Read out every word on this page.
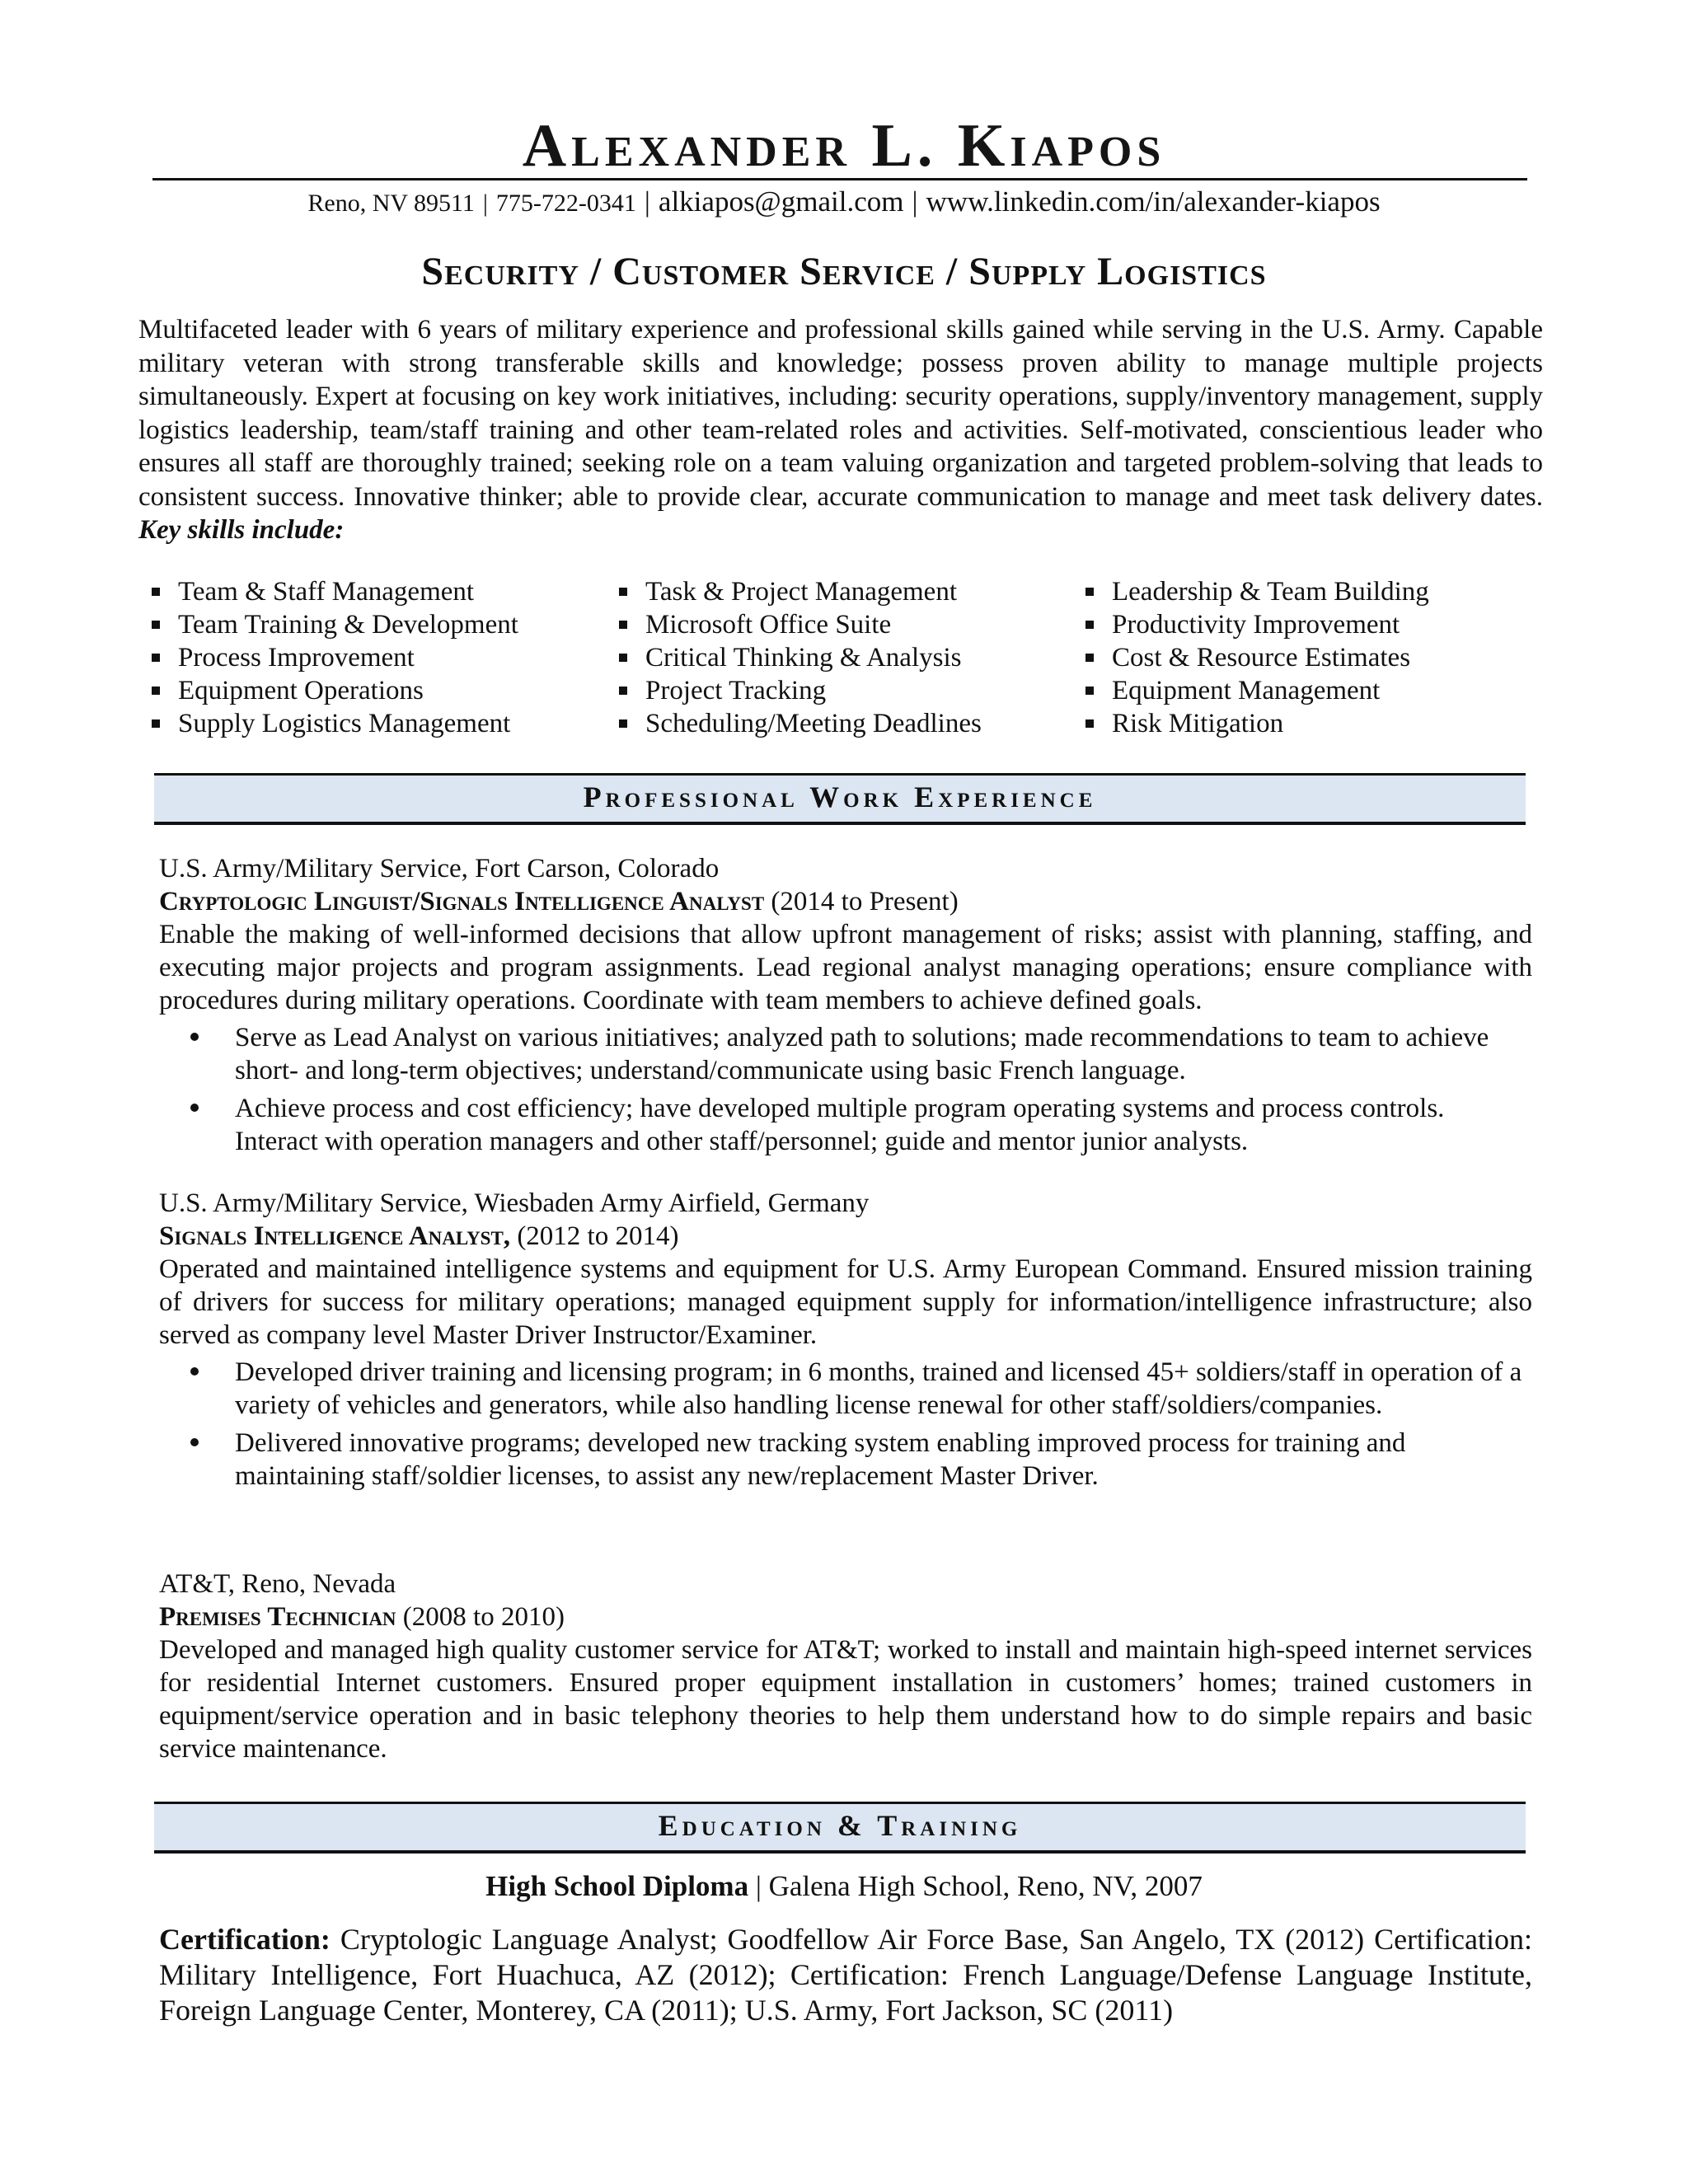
Alexander L. Kiapos
Reno, NV 89511 | 775-722-0341 | alkiapos@gmail.com | www.linkedin.com/in/alexander-kiapos
Security / Customer Service / Supply Logistics

Multifaceted leader with 6 years of military experience and professional skills gained while serving in the U.S. Army. Capable military veteran with strong transferable skills and knowledge; possess proven ability to manage multiple projects simultaneously. Expert at focusing on key work initiatives, including: security operations, supply/inventory management, supply logistics leadership, team/staff training and other team-related roles and activities. Self-motivated, conscientious leader who ensures all staff are thoroughly trained; seeking role on a team valuing organization and targeted problem-solving that leads to consistent success. Innovative thinker; able to provide clear, accurate communication to manage and meet task delivery dates. Key skills include:

Team & Staff Management
Team Training & Development
Process Improvement
Equipment Operations
Supply Logistics Management
Task & Project Management
Microsoft Office Suite
Critical Thinking & Analysis
Project Tracking
Scheduling/Meeting Deadlines
Leadership & Team Building
Productivity Improvement
Cost & Resource Estimates
Equipment Management
Risk Mitigation
Professional Work Experience

U.S. Army/Military Service, Fort Carson, Colorado

Cryptologic Linguist/Signals Intelligence Analyst (2014 to Present)

Enable the making of well-informed decisions that allow upfront management of risks; assist with planning, staffing, and executing major projects and program assignments. Lead regional analyst managing operations; ensure compliance with procedures during military operations. Coordinate with team members to achieve defined goals.

Serve as Lead Analyst on various initiatives; analyzed path to solutions; made recommendations to team to achieve short- and long-term objectives; understand/communicate using basic French language.
Achieve process and cost efficiency; have developed multiple program operating systems and process controls. Interact with operation managers and other staff/personnel; guide and mentor junior analysts.

U.S. Army/Military Service, Wiesbaden Army Airfield, Germany

Signals Intelligence Analyst, (2012 to 2014)

Operated and maintained intelligence systems and equipment for U.S. Army European Command. Ensured mission training of drivers for success for military operations; managed equipment supply for information/intelligence infrastructure; also served as company level Master Driver Instructor/Examiner.

Developed driver training and licensing program; in 6 months, trained and licensed 45+ soldiers/staff in operation of a variety of vehicles and generators, while also handling license renewal for other staff/soldiers/companies.
Delivered innovative programs; developed new tracking system enabling improved process for training and maintaining staff/soldier licenses, to assist any new/replacement Master Driver.

AT&T, Reno, Nevada

Premises Technician (2008 to 2010)

Developed and managed high quality customer service for AT&T; worked to install and maintain high-speed internet services for residential Internet customers. Ensured proper equipment installation in customers’ homes; trained customers in equipment/service operation and in basic telephony theories to help them understand how to do simple repairs and basic service maintenance.

Education & Training
High School Diploma | Galena High School, Reno, NV, 2007

Certification: Cryptologic Language Analyst; Goodfellow Air Force Base, San Angelo, TX (2012) Certification: Military Intelligence, Fort Huachuca, AZ (2012); Certification: French Language/Defense Language Institute, Foreign Language Center, Monterey, CA (2011); U.S. Army, Fort Jackson, SC (2011)
